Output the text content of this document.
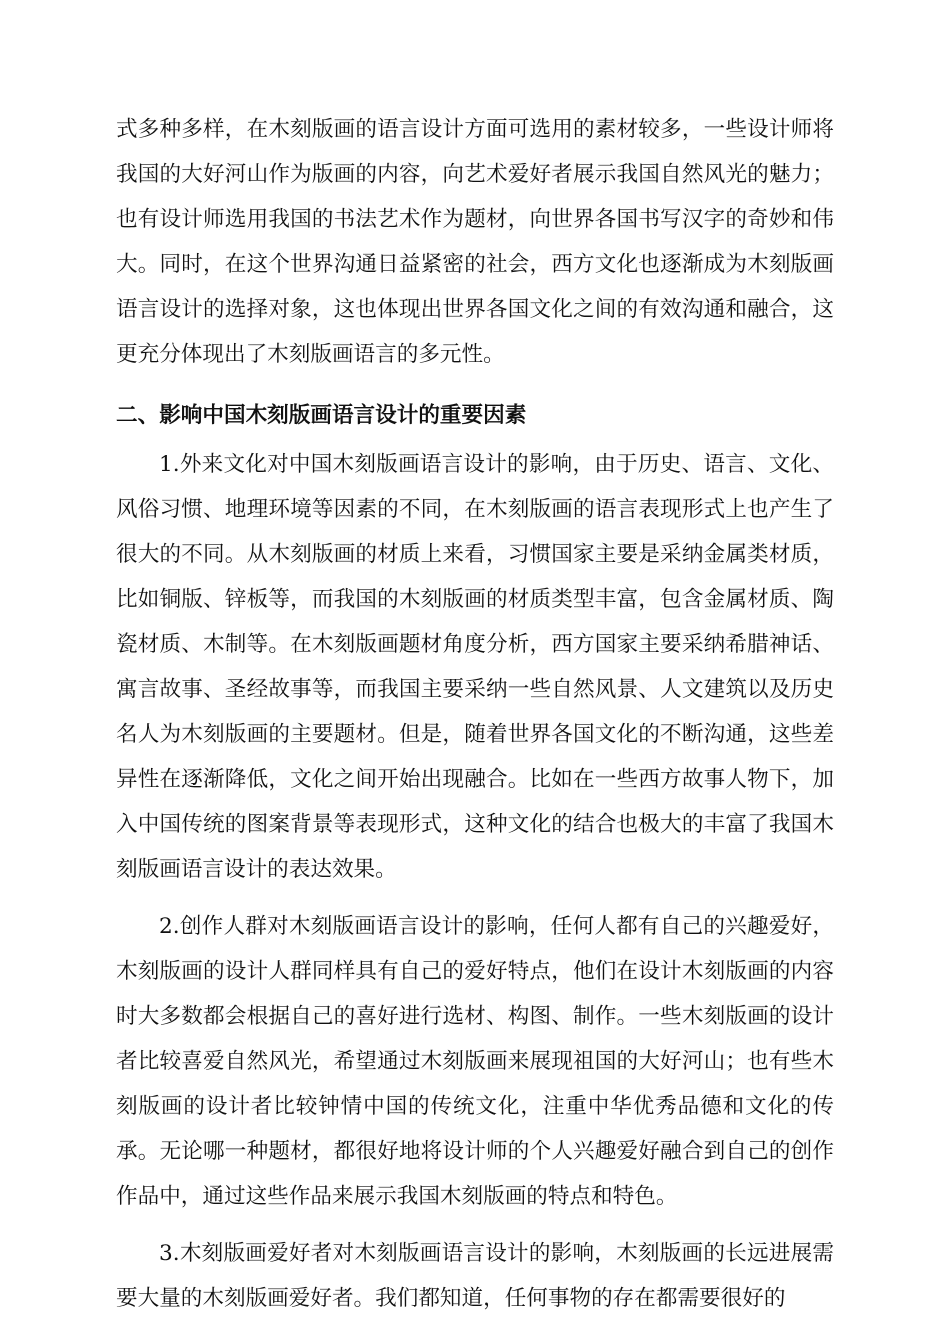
式多种多样，在木刻版画的语言设计方面可选用的素材较多，一些设计师将我国的大好河山作为版画的内容，向艺术爱好者展示我国自然风光的魅力；也有设计师选用我国的书法艺术作为题材，向世界各国书写汉字的奇妙和伟大。同时，在这个世界沟通日益紧密的社会，西方文化也逐渐成为木刻版画语言设计的选择对象，这也体现出世界各国文化之间的有效沟通和融合，这更充分体现出了木刻版画语言的多元性。

二、影响中国木刻版画语言设计的重要因素

1.外来文化对中国木刻版画语言设计的影响，由于历史、语言、文化、风俗习惯、地理环境等因素的不同，在木刻版画的语言表现形式上也产生了很大的不同。从木刻版画的材质上来看，习惯国家主要是采纳金属类材质，比如铜版、锌板等，而我国的木刻版画的材质类型丰富，包含金属材质、陶瓷材质、木制等。在木刻版画题材角度分析，西方国家主要采纳希腊神话、寓言故事、圣经故事等，而我国主要采纳一些自然风景、人文建筑以及历史名人为木刻版画的主要题材。但是，随着世界各国文化的不断沟通，这些差异性在逐渐降低，文化之间开始出现融合。比如在一些西方故事人物下，加入中国传统的图案背景等表现形式，这种文化的结合也极大的丰富了我国木刻版画语言设计的表达效果。

2.创作人群对木刻版画语言设计的影响，任何人都有自己的兴趣爱好，木刻版画的设计人群同样具有自己的爱好特点，他们在设计木刻版画的内容时大多数都会根据自己的喜好进行选材、构图、制作。一些木刻版画的设计者比较喜爱自然风光，希望通过木刻版画来展现祖国的大好河山；也有些木刻版画的设计者比较钟情中国的传统文化，注重中华优秀品德和文化的传承。无论哪一种题材，都很好地将设计师的个人兴趣爱好融合到自己的创作作品中，通过这些作品来展示我国木刻版画的特点和特色。

3.木刻版画爱好者对木刻版画语言设计的影响，木刻版画的长远进展需要大量的木刻版画爱好者。我们都知道，任何事物的存在都需要很好的
